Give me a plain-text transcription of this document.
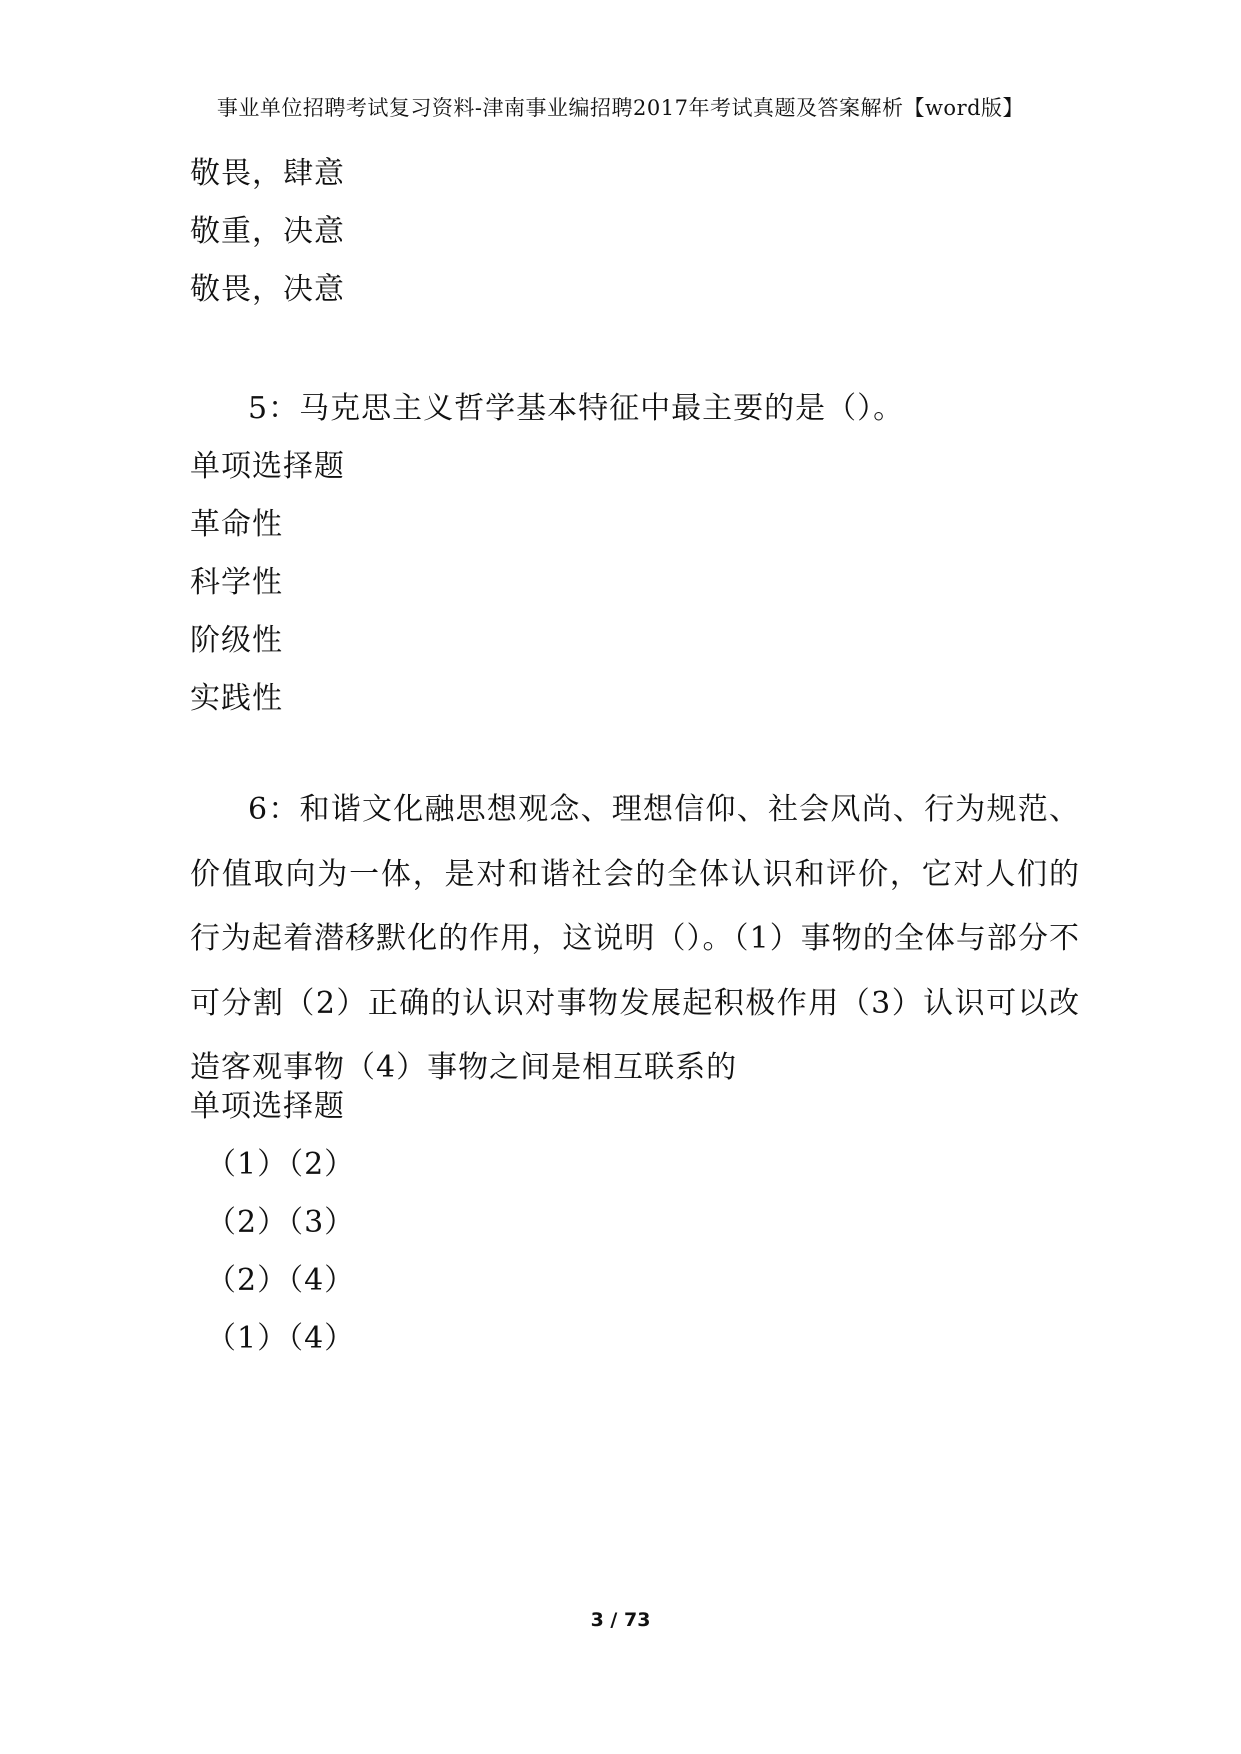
事业单位招聘考试复习资料-津南事业编招聘2017年考试真题及答案解析【word版】
敬畏，肆意
敬重，决意
敬畏，决意
5：马克思主义哲学基本特征中最主要的是（）。
单项选择题
革命性
科学性
阶级性
实践性
6：和谐文化融思想观念、理想信仰、社会风尚、行为规范、价值取向为一体，是对和谐社会的全体认识和评价，它对人们的行为起着潜移默化的作用，这说明（）。（1）事物的全体与部分不可分割（2）正确的认识对事物发展起积极作用（3）认识可以改造客观事物（4）事物之间是相互联系的
单项选择题
（1）（2）
（2）（3）
（2）（4）
（1）（4）
3 / 73
